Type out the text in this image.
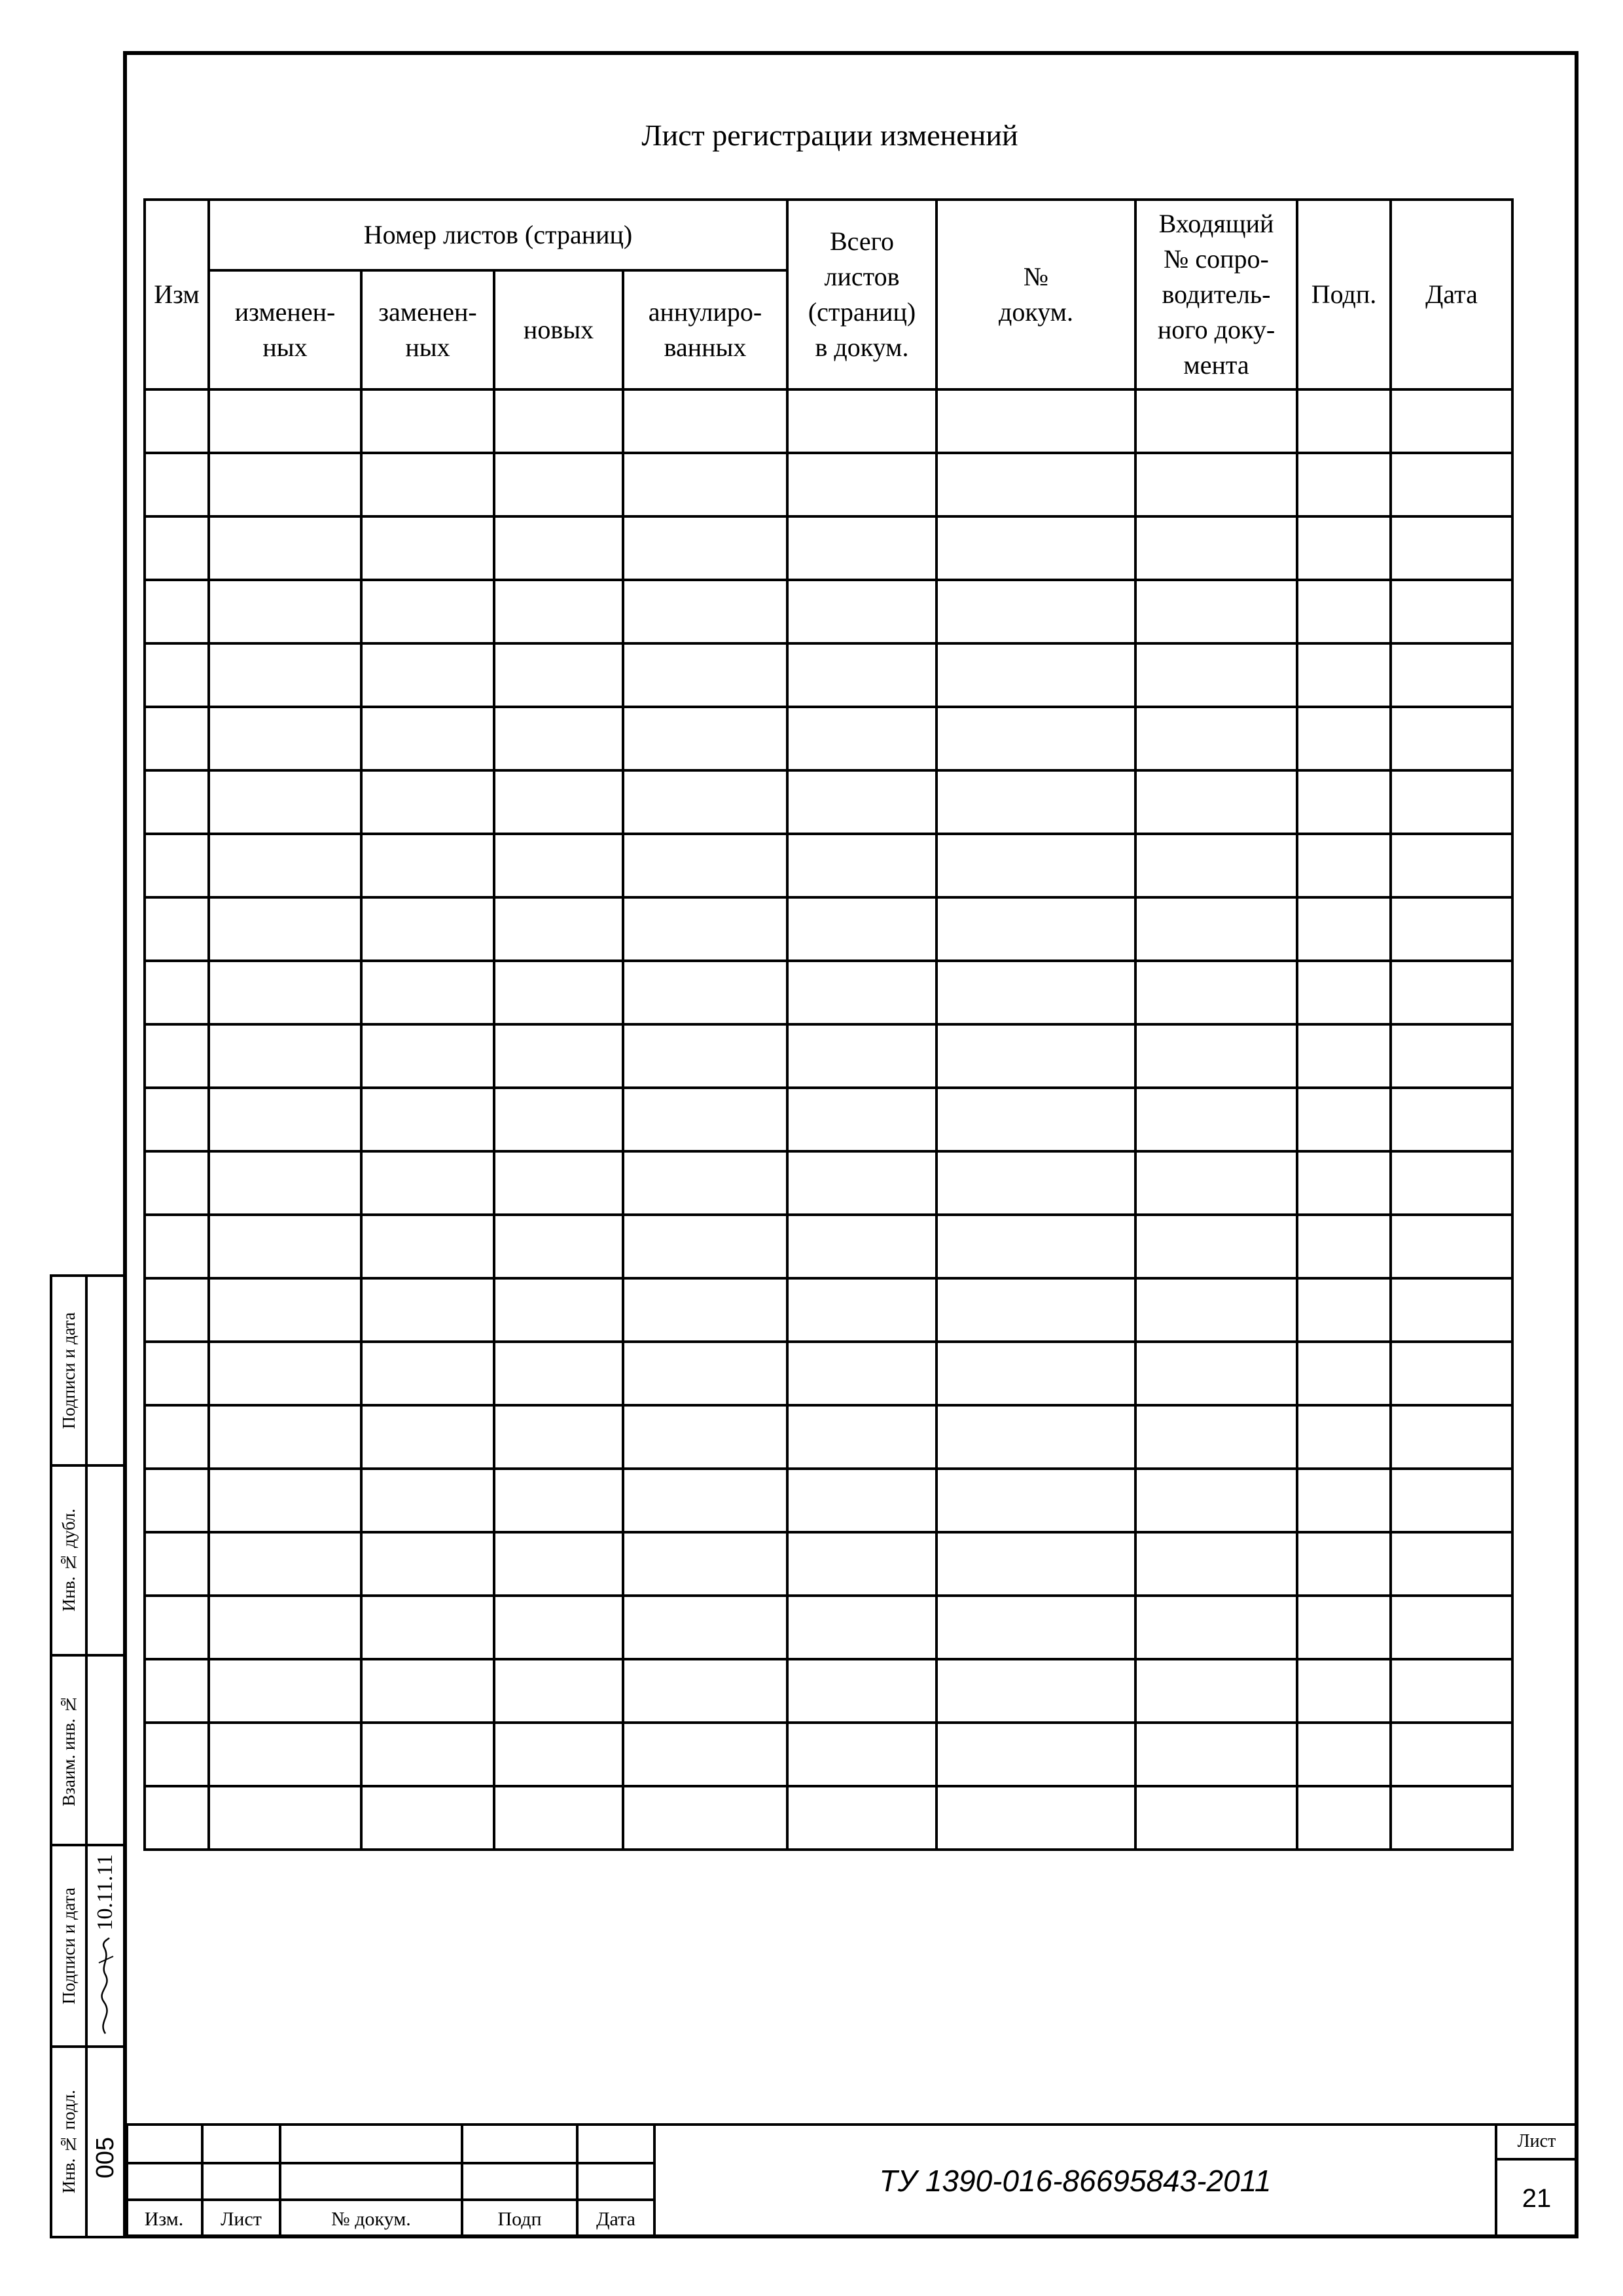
Лист регистрации изменений
Изм	Номер листов (страниц)				Всего листов (страниц) в докум.	№ докум.	Входящий № сопро-водитель-ного доку-мента	Подп.	Дата
	изменен-ных	заменен-ных	новых	аннулиро-ванных					

Подписи и дата
Инв. № дубл.
Взаим. инв. №
Подписи и дата 10.11.11
Инв. № подл. 005
Изм.	Лист	№ докум.	Подп	Дата
ТУ 1390-016-86695843-2011
Лист
21
